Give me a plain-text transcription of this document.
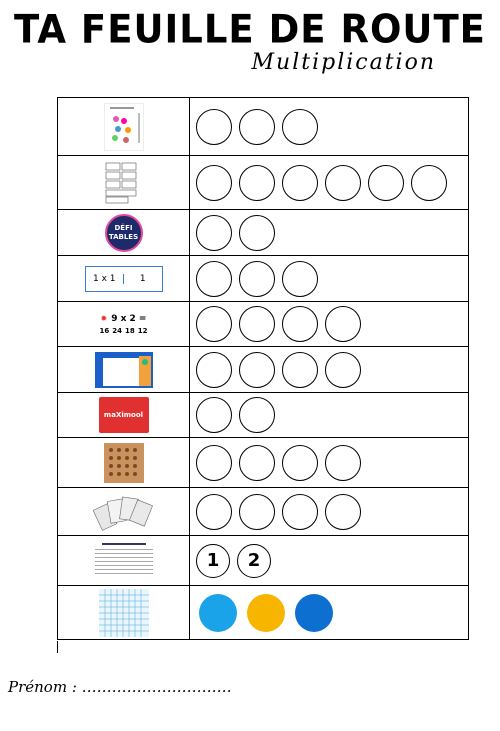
TA FEUILLE DE ROUTE
Multiplication
DÉFI
TABLES
1 x 1	1
✹ 9 x 2 =
16 24 18 12
maXimool
1	2
Prénom : …………………………
